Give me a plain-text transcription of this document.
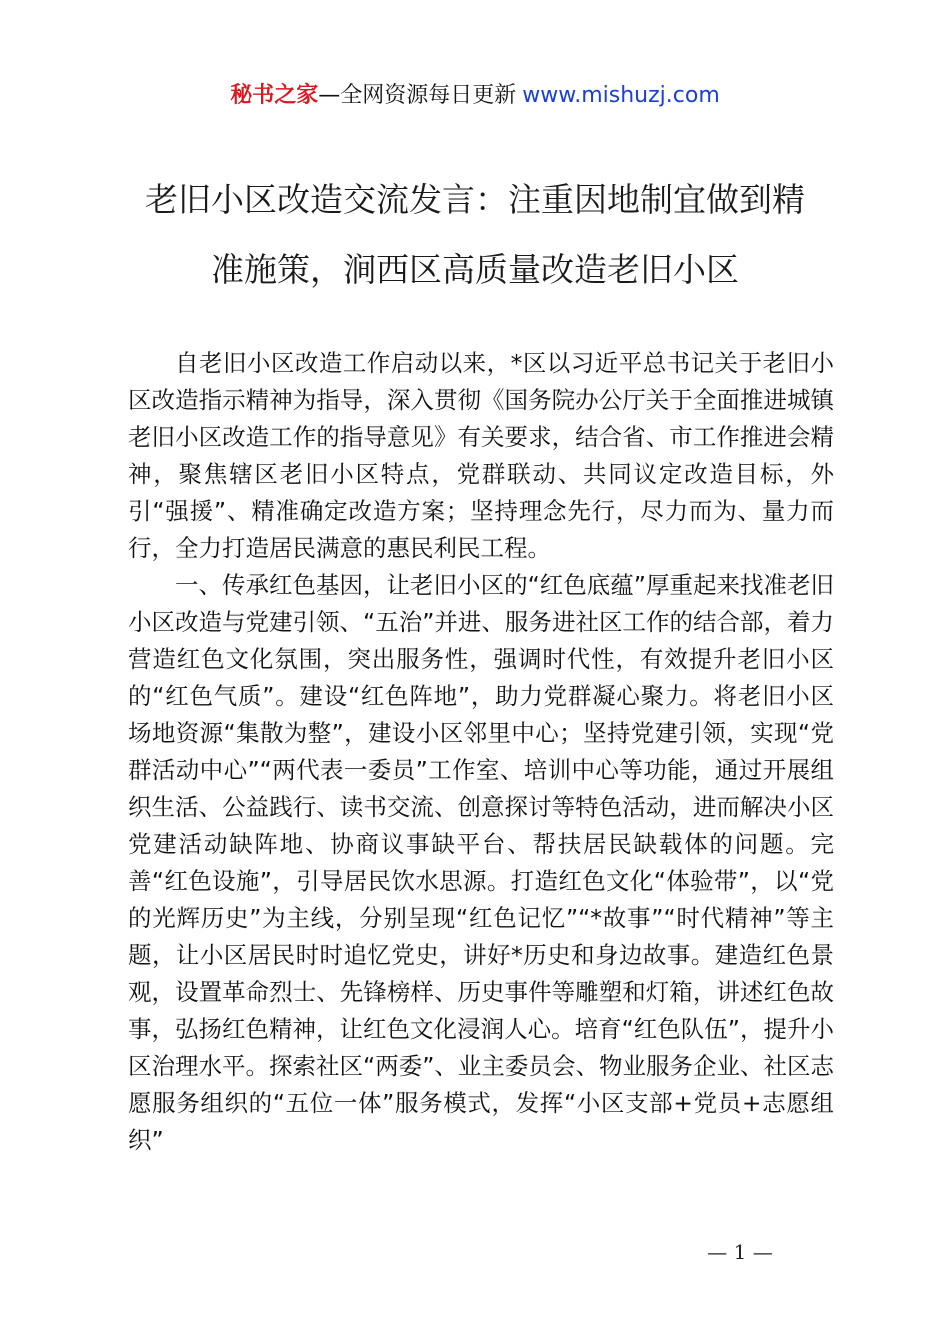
秘书之家—全网资源每日更新 www.mishuzj.com
老旧小区改造交流发言：注重因地制宜做到精
准施策，涧西区高质量改造老旧小区

自老旧小区改造工作启动以来，*区以习近平总书记关于老旧小区改造指示精神为指导，深入贯彻《国务院办公厅关于全面推进城镇老旧小区改造工作的指导意见》有关要求，结合省、市工作推进会精神，聚焦辖区老旧小区特点，党群联动、共同议定改造目标，外引“强援”、精准确定改造方案；坚持理念先行，尽力而为、量力而行，全力打造居民满意的惠民利民工程。

一、传承红色基因，让老旧小区的“红色底蕴”厚重起来找准老旧小区改造与党建引领、“五治”并进、服务进社区工作的结合部，着力营造红色文化氛围，突出服务性，强调时代性，有效提升老旧小区的“红色气质”。建设“红色阵地”，助力党群凝心聚力。将老旧小区场地资源“集散为整”，建设小区邻里中心；坚持党建引领，实现“党群活动中心”“两代表一委员”工作室、培训中心等功能，通过开展组织生活、公益践行、读书交流、创意探讨等特色活动，进而解决小区党建活动缺阵地、协商议事缺平台、帮扶居民缺载体的问题。完善“红色设施”，引导居民饮水思源。打造红色文化“体验带”，以“党的光辉历史”为主线，分别呈现“红色记忆”“*故事”“时代精神”等主题，让小区居民时时追忆党史，讲好*历史和身边故事。建造红色景观，设置革命烈士、先锋榜样、历史事件等雕塑和灯箱，讲述红色故事，弘扬红色精神，让红色文化浸润人心。培育“红色队伍”，提升小区治理水平。探索社区“两委”、业主委员会、物业服务企业、社区志愿服务组织的“五位一体”服务模式，发挥“小区支部+党员+志愿组织”

— 1 —
